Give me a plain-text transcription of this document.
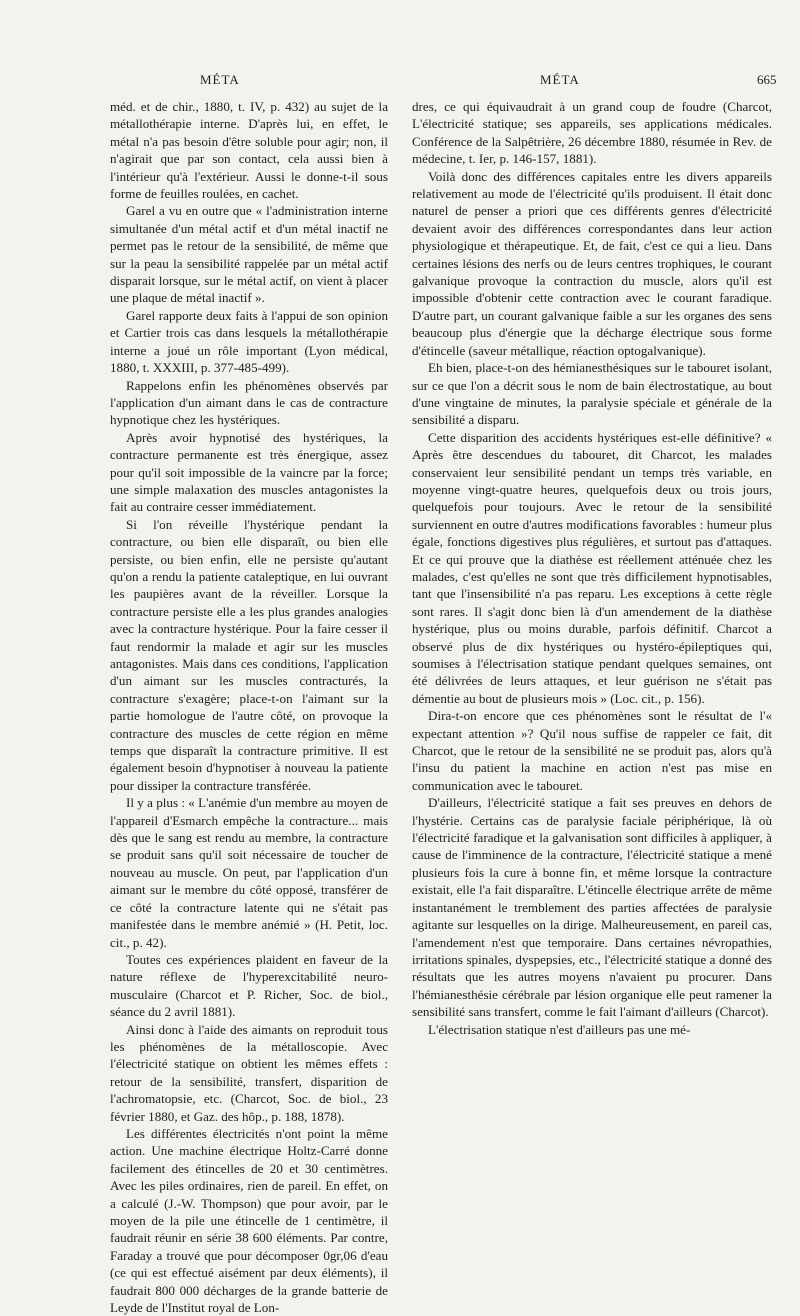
MÉTA	MÉTA	665

méd. et de chir., 1880, t. IV, p. 432) au sujet de la métallothérapie interne. D'après lui, en effet, le métal n'a pas besoin d'être soluble pour agir; non, il n'agirait que par son contact, cela aussi bien à l'intérieur qu'à l'extérieur. Aussi le donne-t-il sous forme de feuilles roulées, en cachet.

Garel a vu en outre que « l'administration interne simultanée d'un métal actif et d'un métal inactif ne permet pas le retour de la sensibilité, de même que sur la peau la sensibilité rappelée par un métal actif disparait lorsque, sur le métal actif, on vient à placer une plaque de métal inactif ».

Garel rapporte deux faits à l'appui de son opinion et Cartier trois cas dans lesquels la métallothérapie interne a joué un rôle important (Lyon médical, 1880, t. XXXIII, p. 377-485-499).

Rappelons enfin les phénomènes observés par l'application d'un aimant dans le cas de contracture hypnotique chez les hystériques.

Après avoir hypnotisé des hystériques, la contracture permanente est très énergique, assez pour qu'il soit impossible de la vaincre par la force; une simple malaxation des muscles antagonistes la fait au contraire cesser immédiatement.

Si l'on réveille l'hystérique pendant la contracture, ou bien elle disparaît, ou bien elle persiste, ou bien enfin, elle ne persiste qu'autant qu'on a rendu la patiente cataleptique, en lui ouvrant les paupières avant de la réveiller. Lorsque la contracture persiste elle a les plus grandes analogies avec la contracture hystérique. Pour la faire cesser il faut rendormir la malade et agir sur les muscles antagonistes. Mais dans ces conditions, l'application d'un aimant sur les muscles contracturés, la contracture s'exagère; place-t-on l'aimant sur la partie homologue de l'autre côté, on provoque la contracture des muscles de cette région en même temps que disparaît la contracture primitive. Il est également besoin d'hypnotiser à nouveau la patiente pour dissiper la contracture transférée.

Il y a plus : « L'anémie d'un membre au moyen de l'appareil d'Esmarch empêche la contracture... mais dès que le sang est rendu au membre, la contracture se produit sans qu'il soit nécessaire de toucher de nouveau au muscle. On peut, par l'application d'un aimant sur le membre du côté opposé, transférer de ce côté la contracture latente qui ne s'était pas manifestée dans le membre anémié » (H. Petit, loc. cit., p. 42).

Toutes ces expériences plaident en faveur de la nature réflexe de l'hyperexcitabilité neuro-musculaire (Charcot et P. Richer, Soc. de biol., séance du 2 avril 1881).

Ainsi donc à l'aide des aimants on reproduit tous les phénomènes de la métalloscopie. Avec l'électricité statique on obtient les mêmes effets : retour de la sensibilité, transfert, disparition de l'achromatopsie, etc. (Charcot, Soc. de biol., 23 février 1880, et Gaz. des hôp., p. 188, 1878).

Les différentes électricités n'ont point la même action. Une machine électrique Holtz-Carré donne facilement des étincelles de 20 et 30 centimètres. Avec les piles ordinaires, rien de pareil. En effet, on a calculé (J.-W. Thompson) que pour avoir, par le moyen de la pile une étincelle de 1 centimètre, il faudrait réunir en série 38 600 éléments. Par contre, Faraday a trouvé que pour décomposer 0gr,06 d'eau (ce qui est effectué aisément par deux éléments), il faudrait 800 000 décharges de la grande batterie de Leyde de l'Institut royal de Lon-

dres, ce qui équivaudrait à un grand coup de foudre (Charcot, L'électricité statique; ses appareils, ses applications médicales. Conférence de la Salpêtrière, 26 décembre 1880, résumée in Rev. de médecine, t. Ier, p. 146-157, 1881).

Voilà donc des différences capitales entre les divers appareils relativement au mode de l'électricité qu'ils produisent. Il était donc naturel de penser a priori que ces différents genres d'électricité devaient avoir des différences correspondantes dans leur action physiologique et thérapeutique. Et, de fait, c'est ce qui a lieu. Dans certaines lésions des nerfs ou de leurs centres trophiques, le courant galvanique provoque la contraction du muscle, alors qu'il est impossible d'obtenir cette contraction avec le courant faradique. D'autre part, un courant galvanique faible a sur les organes des sens beaucoup plus d'énergie que la décharge électrique sous forme d'étincelle (saveur métallique, réaction optogalvanique).

Eh bien, place-t-on des hémianesthésiques sur le tabouret isolant, sur ce que l'on a décrit sous le nom de bain électrostatique, au bout d'une vingtaine de minutes, la paralysie spéciale et générale de la sensibilité a disparu.

Cette disparition des accidents hystériques est-elle définitive? « Après être descendues du tabouret, dit Charcot, les malades conservaient leur sensibilité pendant un temps très variable, en moyenne vingt-quatre heures, quelquefois deux ou trois jours, quelquefois pour toujours. Avec le retour de la sensibilité surviennent en outre d'autres modifications favorables : humeur plus égale, fonctions digestives plus régulières, et surtout pas d'attaques. Et ce qui prouve que la diathèse est réellement atténuée chez les malades, c'est qu'elles ne sont que très difficilement hypnotisables, tant que l'insensibilité n'a pas reparu. Les exceptions à cette règle sont rares. Il s'agit donc bien là d'un amendement de la diathèse hystérique, plus ou moins durable, parfois définitif. Charcot a observé plus de dix hystériques ou hystéro-épileptiques qui, soumises à l'électrisation statique pendant quelques semaines, ont été délivrées de leurs attaques, et leur guérison ne s'était pas démentie au bout de plusieurs mois » (Loc. cit., p. 156).

Dira-t-on encore que ces phénomènes sont le résultat de l'« expectant attention »? Qu'il nous suffise de rappeler ce fait, dit Charcot, que le retour de la sensibilité ne se produit pas, alors qu'à l'insu du patient la machine en action n'est pas mise en communication avec le tabouret.

D'ailleurs, l'électricité statique a fait ses preuves en dehors de l'hystérie. Certains cas de paralysie faciale périphérique, là où l'électricité faradique et la galvanisation sont difficiles à appliquer, à cause de l'imminence de la contracture, l'électricité statique a mené plusieurs fois la cure à bonne fin, et même lorsque la contracture existait, elle l'a fait disparaître. L'étincelle électrique arrête de même instantanément le tremblement des parties affectées de paralysie agitante sur lesquelles on la dirige. Malheureusement, en pareil cas, l'amendement n'est que temporaire. Dans certaines névropathies, irritations spinales, dyspepsies, etc., l'électricité statique a donné des résultats que les autres moyens n'avaient pu procurer. Dans l'hémianesthésie cérébrale par lésion organique elle peut ramener la sensibilité sans transfert, comme le fait l'aimant d'ailleurs (Charcot).

L'électrisation statique n'est d'ailleurs pas une mé-
